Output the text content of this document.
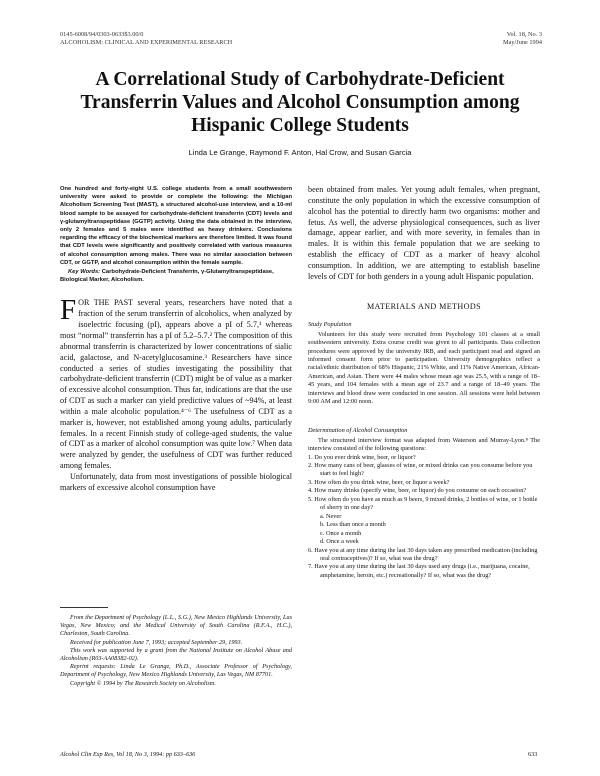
0145-6008/94/0303-0633$3.00/0
ALCOHOLISM: CLINICAL AND EXPERIMENTAL RESEARCH
Vol. 18, No. 3
May/June 1994
A Correlational Study of Carbohydrate-Deficient
Transferrin Values and Alcohol Consumption among
Hispanic College Students
Linda Le Grange, Raymond F. Anton, Hal Crow, and Susan Garcia

One hundred and forty-eight U.S. college students from a small southwestern university were asked to provide or complete the following: the Michigan Alcoholism Screening Test (MAST), a structured alcohol-use interview, and a 10-ml blood sample to be assayed for carbohydrate-deficient transferrin (CDT) levels and γ-glutamyltranspeptidase (GGTP) activity. Using the data obtained in the interview, only 2 females and 5 males were identified as heavy drinkers. Conclusions regarding the efficacy of the biochemical markers are therefore limited. It was found that CDT levels were significantly and positively correlated with various measures of alcohol consumption among males. There was no similar association between CDT, or GGTP, and alcohol consumption within the female sample.

Key Words: Carbohydrate-Deficient Transferrin, γ-Glutamyltranspeptidase, Biological Marker, Alcoholism.

FOR THE PAST several years, researchers have noted that a fraction of the serum transferrin of alcoholics, when analyzed by isoelectric focusing (pI), appears above a pI of 5.7,¹ whereas most “normal” transferrin has a pI of 5.2–5.7.² The composition of this abnormal transferrin is characterized by lower concentrations of sialic acid, galactose, and N-acetylglucosamine.³ Researchers have since conducted a series of studies investigating the possibility that carbohydrate-deficient transferrin (CDT) might be of value as a marker of excessive alcohol consumption. Thus far, indications are that the use of CDT as such a marker can yield predictive values of ~94%, at least within a male alcoholic population.⁴⁻⁶ The usefulness of CDT as a marker is, however, not established among young adults, particularly females. In a recent Finnish study of college-aged students, the value of CDT as a marker of alcohol consumption was quite low.⁷ When data were analyzed by gender, the usefulness of CDT was further reduced among females.

Unfortunately, data from most investigations of possible biological markers of excessive alcohol consumption have

From the Department of Psychology (L.L., S.G.), New Mexico Highlands University, Las Vegas, New Mexico; and the Medical University of South Carolina (R.F.A., H.C.), Charleston, South Carolina.

Received for publication June 7, 1993; accepted September 29, 1993.

This work was supported by a grant from the National Institute on Alcohol Abuse and Alcoholism (R03-AA08382-02).

Reprint requests: Linda Le Grange, Ph.D., Associate Professor of Psychology, Department of Psychology, New Mexico Highlands University, Las Vegas, NM 87701.

Copyright © 1994 by The Research Society on Alcoholism.

been obtained from males. Yet young adult females, when pregnant, constitute the only population in which the excessive consumption of alcohol has the potential to directly harm two organisms: mother and fetus. As well, the adverse physiological consequences, such as liver damage, appear earlier, and with more severity, in females than in males. It is within this female population that we are seeking to establish the efficacy of CDT as a marker of heavy alcohol consumption. In addition, we are attempting to establish baseline levels of CDT for both genders in a young adult Hispanic population.

MATERIALS AND METHODS
Study Population

Volunteers for this study were recruited from Psychology 101 classes at a small southwestern university. Extra course credit was given to all participants. Data collection procedures were approved by the university IRB, and each participant read and signed an informed consent form prior to participation. University demographics reflect a racial/ethnic distribution of 68% Hispanic, 21% White, and 11% Native American, African-American, and Asian. There were 44 males whose mean age was 25.5, with a range of 18–45 years, and 104 females with a mean age of 23.7 and a range of 18–49 years. The interviews and blood draw were conducted in one session. All sessions were held between 9:00 AM and 12:00 noon.

Determination of Alcohol Consumption

The structured interview format was adapted from Waterson and Murray-Lyon.⁸ The interview consisted of the following questions:

1. Do you ever drink wine, beer, or liquor?
2. How many cans of beer, glasses of wine, or mixed drinks can you consume before you start to feel high?
3. How often do you drink wine, beer, or liquor a week?
4. How many drinks (specify wine, beer, or liquor) do you consume on each occasion?
5. How often do you have as much as 9 beers, 9 mixed drinks, 2 bottles of wine, or 1 bottle of sherry in one day?
a. Never
b. Less than once a month
c. Once a month
d. Once a week
6. Have you at any time during the last 30 days taken any prescribed medication (including oral contraceptives)? If so, what was the drug?
7. Have you at any time during the last 30 days used any drugs (i.e., marijuana, cocaine, amphetamine, heroin, etc.) recreationally? If so, what was the drug?
Alcohol Clin Exp Res, Vol 18, No 3, 1994: pp 633–636	633
